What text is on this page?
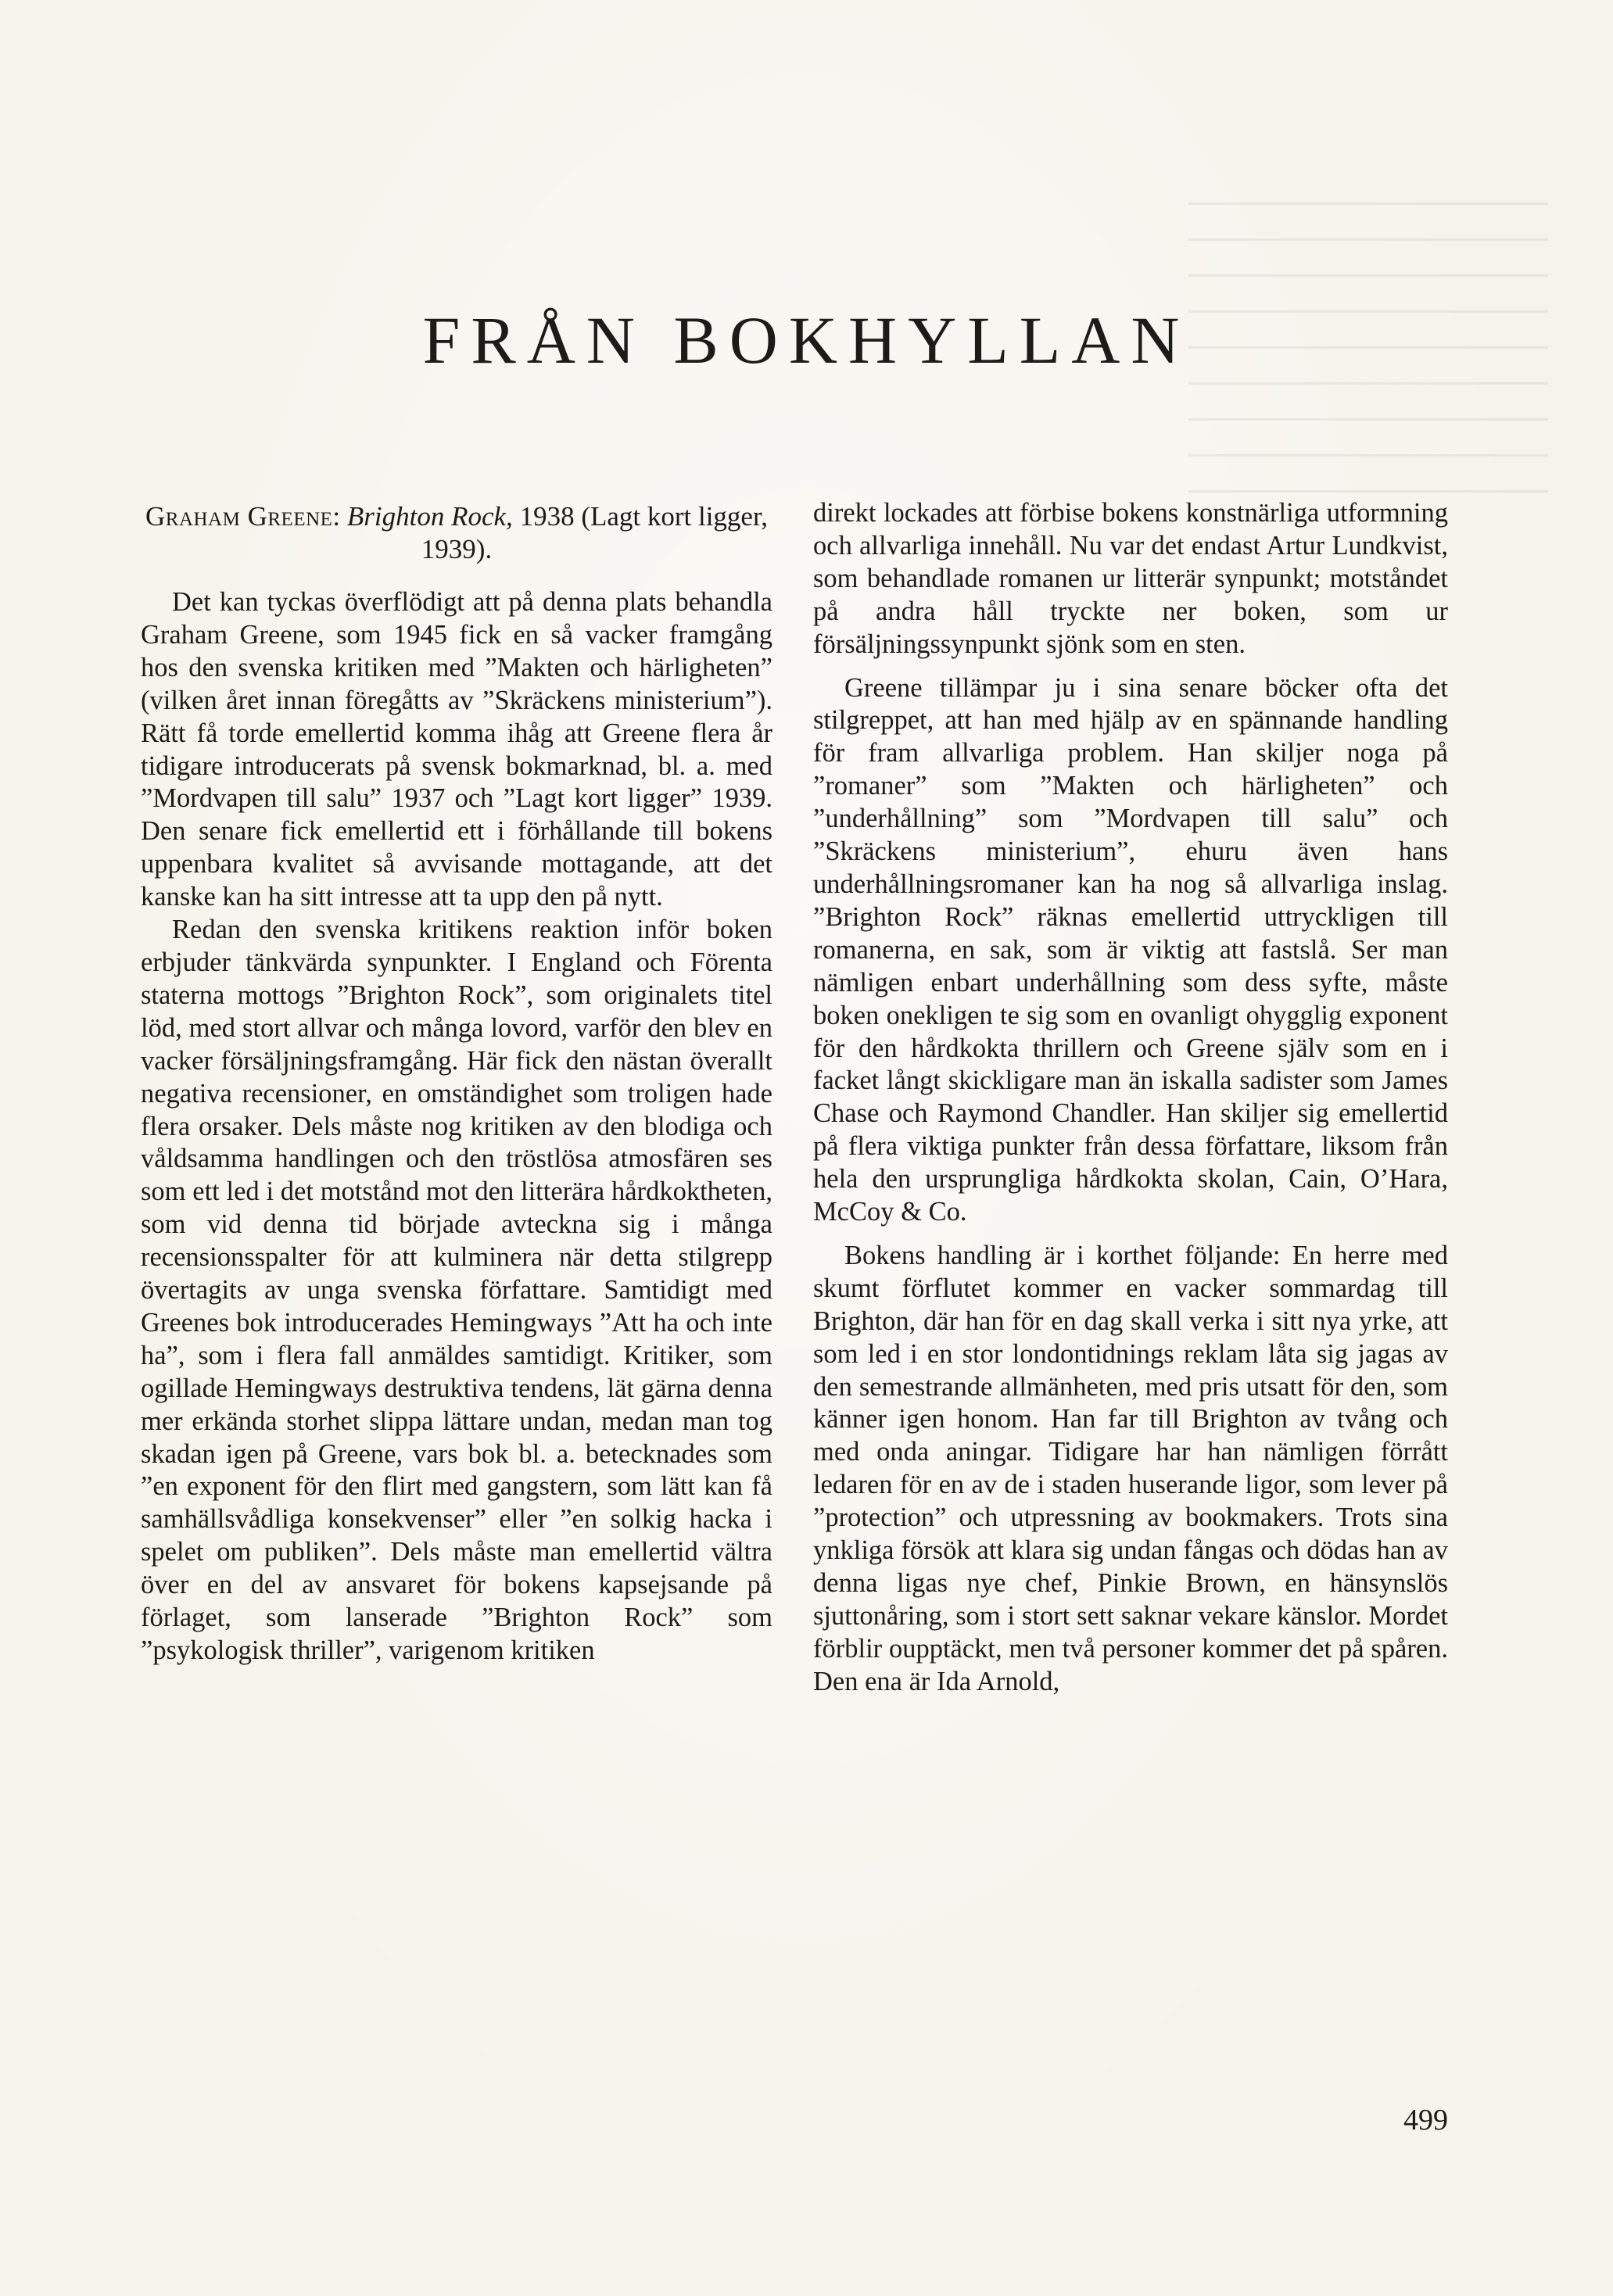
FRÅN BOKHYLLAN
Graham Greene: Brighton Rock, 1938 (Lagt kort ligger, 1939).

Det kan tyckas överflödigt att på denna plats behandla Graham Greene, som 1945 fick en så vacker framgång hos den svenska kritiken med ”Makten och härligheten” (vilken året innan föregåtts av ”Skräckens ministerium”). Rätt få torde emellertid komma ihåg att Greene flera år tidigare introducerats på svensk bokmarknad, bl. a. med ”Mordvapen till salu” 1937 och ”Lagt kort ligger” 1939. Den senare fick emellertid ett i förhållande till bokens uppenbara kvalitet så avvisande mottagande, att det kanske kan ha sitt intresse att ta upp den på nytt.

Redan den svenska kritikens reaktion inför boken erbjuder tänkvärda synpunkter. I England och Förenta staterna mottogs ”Brighton Rock”, som originalets titel löd, med stort allvar och många lovord, varför den blev en vacker försäljningsframgång. Här fick den nästan överallt negativa recensioner, en omständighet som troligen hade flera orsaker. Dels måste nog kritiken av den blodiga och våldsamma handlingen och den tröstlösa atmosfären ses som ett led i det motstånd mot den litterära hårdkoktheten, som vid denna tid började avteckna sig i många recensionsspalter för att kulminera när detta stilgrepp övertagits av unga svenska författare. Samtidigt med Greenes bok introducerades Hemingways ”Att ha och inte ha”, som i flera fall anmäldes samtidigt. Kritiker, som ogillade Hemingways destruktiva tendens, lät gärna denna mer erkända storhet slippa lättare undan, medan man tog skadan igen på Greene, vars bok bl. a. betecknades som ”en exponent för den flirt med gangstern, som lätt kan få samhällsvådliga konsekvenser” eller ”en solkig hacka i spelet om publiken”. Dels måste man emellertid vältra över en del av ansvaret för bokens kapsejsande på förlaget, som lanserade ”Brighton Rock” som ”psykologisk thriller”, varigenom kritiken

direkt lockades att förbise bokens konstnärliga utformning och allvarliga innehåll. Nu var det endast Artur Lundkvist, som behandlade romanen ur litterär synpunkt; motståndet på andra håll tryckte ner boken, som ur försäljningssynpunkt sjönk som en sten.

Greene tillämpar ju i sina senare böcker ofta det stilgreppet, att han med hjälp av en spännande handling för fram allvarliga problem. Han skiljer noga på ”romaner” som ”Makten och härligheten” och ”underhållning” som ”Mordvapen till salu” och ”Skräckens ministerium”, ehuru även hans underhållningsromaner kan ha nog så allvarliga inslag. ”Brighton Rock” räknas emellertid uttryckligen till romanerna, en sak, som är viktig att fastslå. Ser man nämligen enbart underhållning som dess syfte, måste boken onekligen te sig som en ovanligt ohygglig exponent för den hårdkokta thrillern och Greene själv som en i facket långt skickligare man än iskalla sadister som James Chase och Raymond Chandler. Han skiljer sig emellertid på flera viktiga punkter från dessa författare, liksom från hela den ursprungliga hårdkokta skolan, Cain, O’Hara, McCoy & Co.

Bokens handling är i korthet följande: En herre med skumt förflutet kommer en vacker sommardag till Brighton, där han för en dag skall verka i sitt nya yrke, att som led i en stor londontidnings reklam låta sig jagas av den semestrande allmänheten, med pris utsatt för den, som känner igen honom. Han far till Brighton av tvång och med onda aningar. Tidigare har han nämligen förrått ledaren för en av de i staden huserande ligor, som lever på ”protection” och utpressning av bookmakers. Trots sina ynkliga försök att klara sig undan fångas och dödas han av denna ligas nye chef, Pinkie Brown, en hänsynslös sjuttonåring, som i stort sett saknar vekare känslor. Mordet förblir oupptäckt, men två personer kommer det på spåren. Den ena är Ida Arnold,

499
